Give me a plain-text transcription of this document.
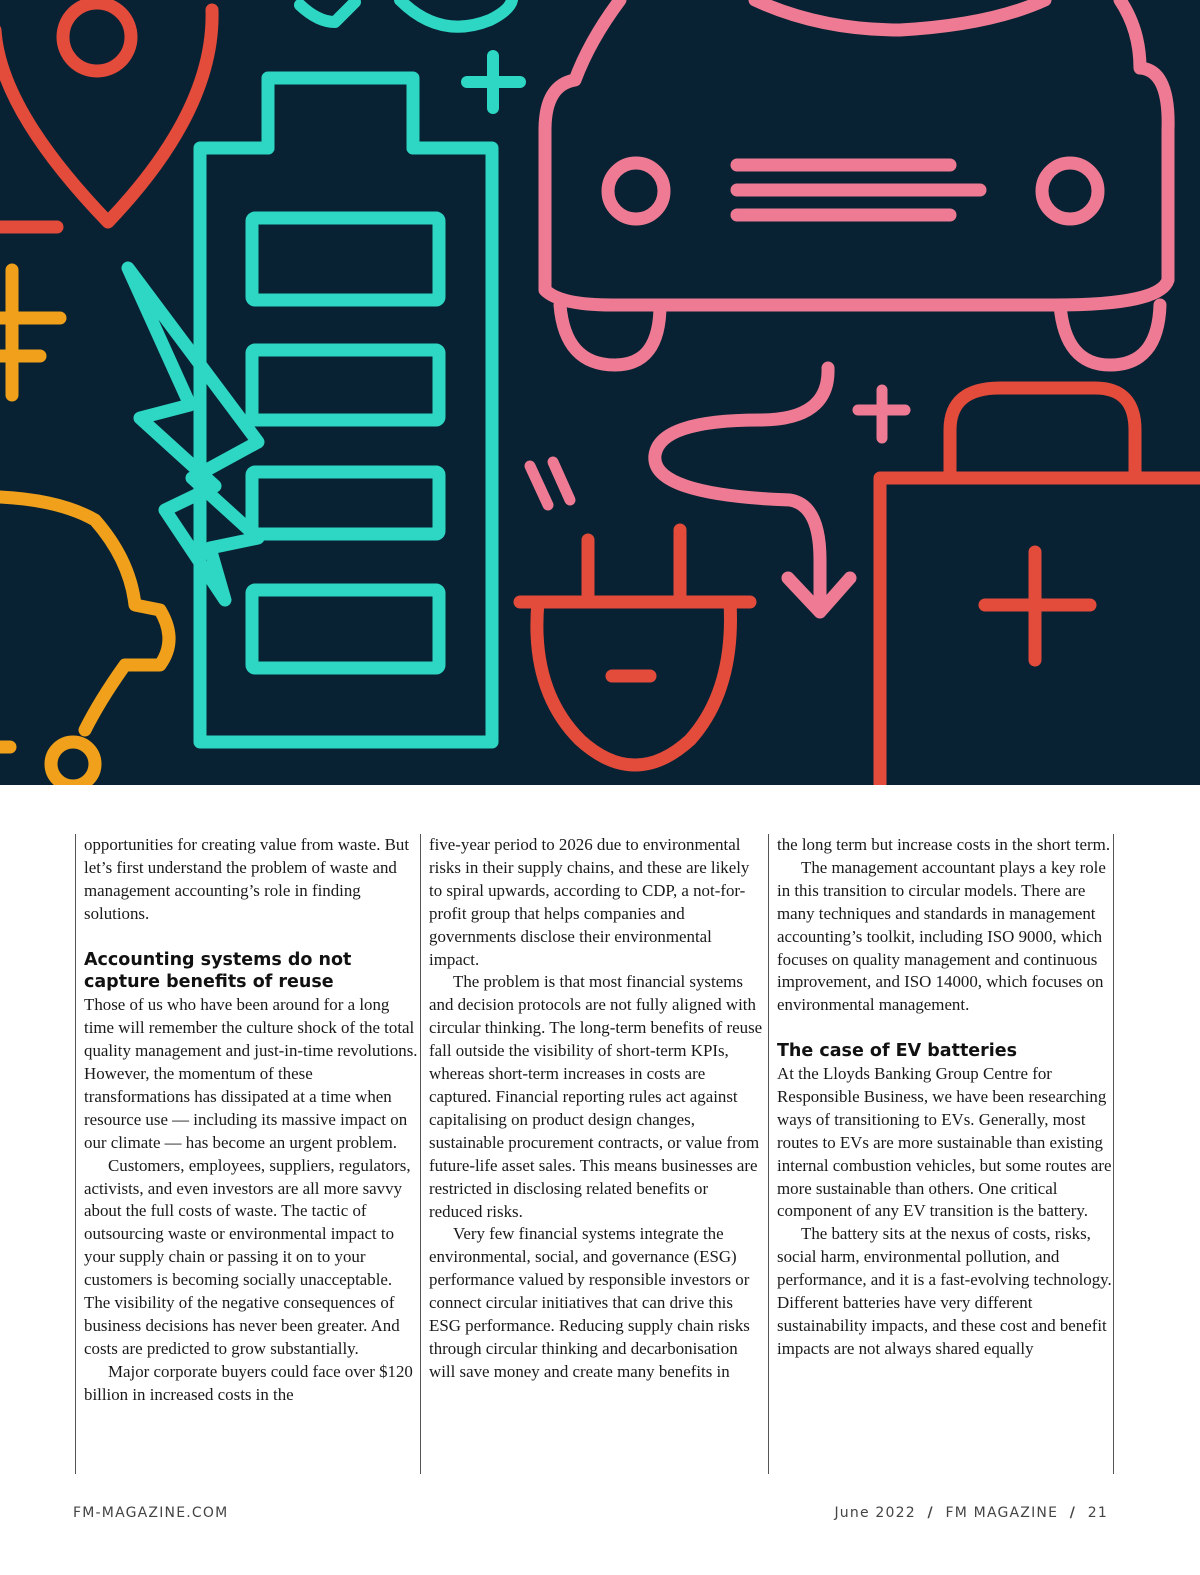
opportunities for creating value from waste. But let’s first understand the problem of waste and management accounting’s role in finding solutions.

Accounting systems do not capture benefits of reuse

Those of us who have been around for a long time will remember the culture shock of the total quality management and just-in-time revolutions. However, the momentum of these transformations has dissipated at a time when resource use — including its massive impact on our climate — has become an urgent problem.

Customers, employees, suppliers, regulators, activists, and even investors are all more savvy about the full costs of waste. The tactic of outsourcing waste or environmental impact to your supply chain or passing it on to your customers is becoming socially unacceptable. The visibility of the negative consequences of business decisions has never been greater. And costs are predicted to grow substantially.

Major corporate buyers could face over $120 billion in increased costs in the

five-year period to 2026 due to environmental risks in their supply chains, and these are likely to spiral upwards, according to CDP, a not-for-profit group that helps companies and governments disclose their environmental impact.

The problem is that most financial systems and decision protocols are not fully aligned with circular thinking. The long-term benefits of reuse fall outside the visibility of short-term KPIs, whereas short-term increases in costs are captured. Financial reporting rules act against capitalising on product design changes, sustainable procurement contracts, or value from future-life asset sales. This means businesses are restricted in disclosing related benefits or reduced risks.

Very few financial systems integrate the environmental, social, and governance (ESG) performance valued by responsible investors or connect circular initiatives that can drive this ESG performance. Reducing supply chain risks through circular thinking and decarbonisation will save money and create many benefits in

the long term but increase costs in the short term.

The management accountant plays a key role in this transition to circular models. There are many techniques and standards in management accounting’s toolkit, including ISO 9000, which focuses on quality management and continuous improvement, and ISO 14000, which focuses on environmental management.

The case of EV batteries

At the Lloyds Banking Group Centre for Responsible Business, we have been researching ways of transitioning to EVs. Generally, most routes to EVs are more sustainable than existing internal combustion vehicles, but some routes are more sustainable than others. One critical component of any EV transition is the battery.

The battery sits at the nexus of costs, risks, social harm, environmental pollution, and performance, and it is a fast-evolving technology. Different batteries have very different sustainability impacts, and these cost and benefit impacts are not always shared equally

FM-MAGAZINE.COM	June 2022 / FM MAGAZINE / 21
